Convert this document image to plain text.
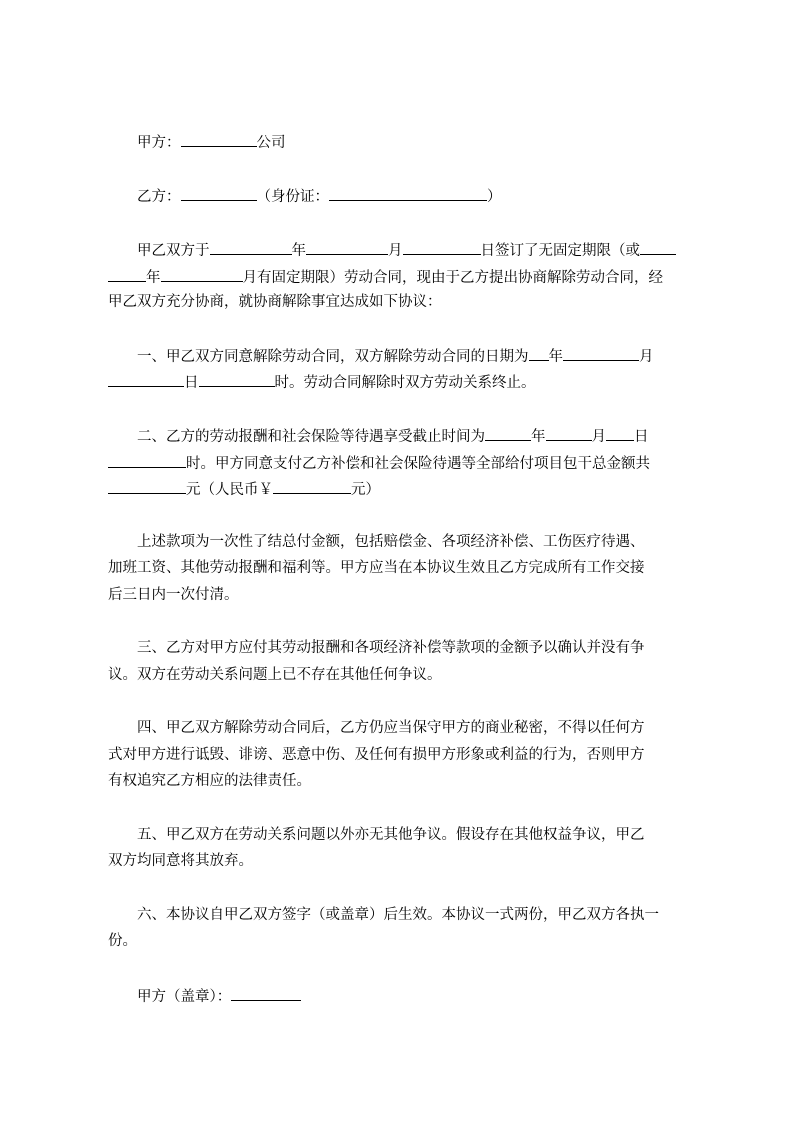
甲方：	公司
乙方：	（身份证：	）
甲乙双方于	年	月	日签订了无固定期限（或
年	月有固定期限）劳动合同，现由于乙方提出协商解除劳动合同，经
甲乙双方充分协商，就协商解除事宜达成如下协议：
一、甲乙双方同意解除劳动合同，双方解除劳动合同的日期为 年	月
日	时。劳动合同解除时双方劳动关系终止。
二、乙方的劳动报酬和社会保险等待遇享受截止时间为	年	月 日
时。甲方同意支付乙方补偿和社会保险待遇等全部给付项目包干总金额共
元（人民币￥	元）
上述款项为一次性了结总付金额，包括赔偿金、各项经济补偿、工伤医疗待遇、
加班工资、其他劳动报酬和福利等。甲方应当在本协议生效且乙方完成所有工作交接
后三日内一次付清。
三、乙方对甲方应付其劳动报酬和各项经济补偿等款项的金额予以确认并没有争
议。双方在劳动关系问题上已不存在其他任何争议。
四、甲乙双方解除劳动合同后，乙方仍应当保守甲方的商业秘密，不得以任何方
式对甲方进行诋毁、诽谤、恶意中伤、及任何有损甲方形象或利益的行为，否则甲方
有权追究乙方相应的法律责任。
五、甲乙双方在劳动关系问题以外亦无其他争议。假设存在其他权益争议，甲乙
双方均同意将其放弃。
六、本协议自甲乙双方签字（或盖章）后生效。本协议一式两份，甲乙双方各执一
份。
甲方（盖章）：
